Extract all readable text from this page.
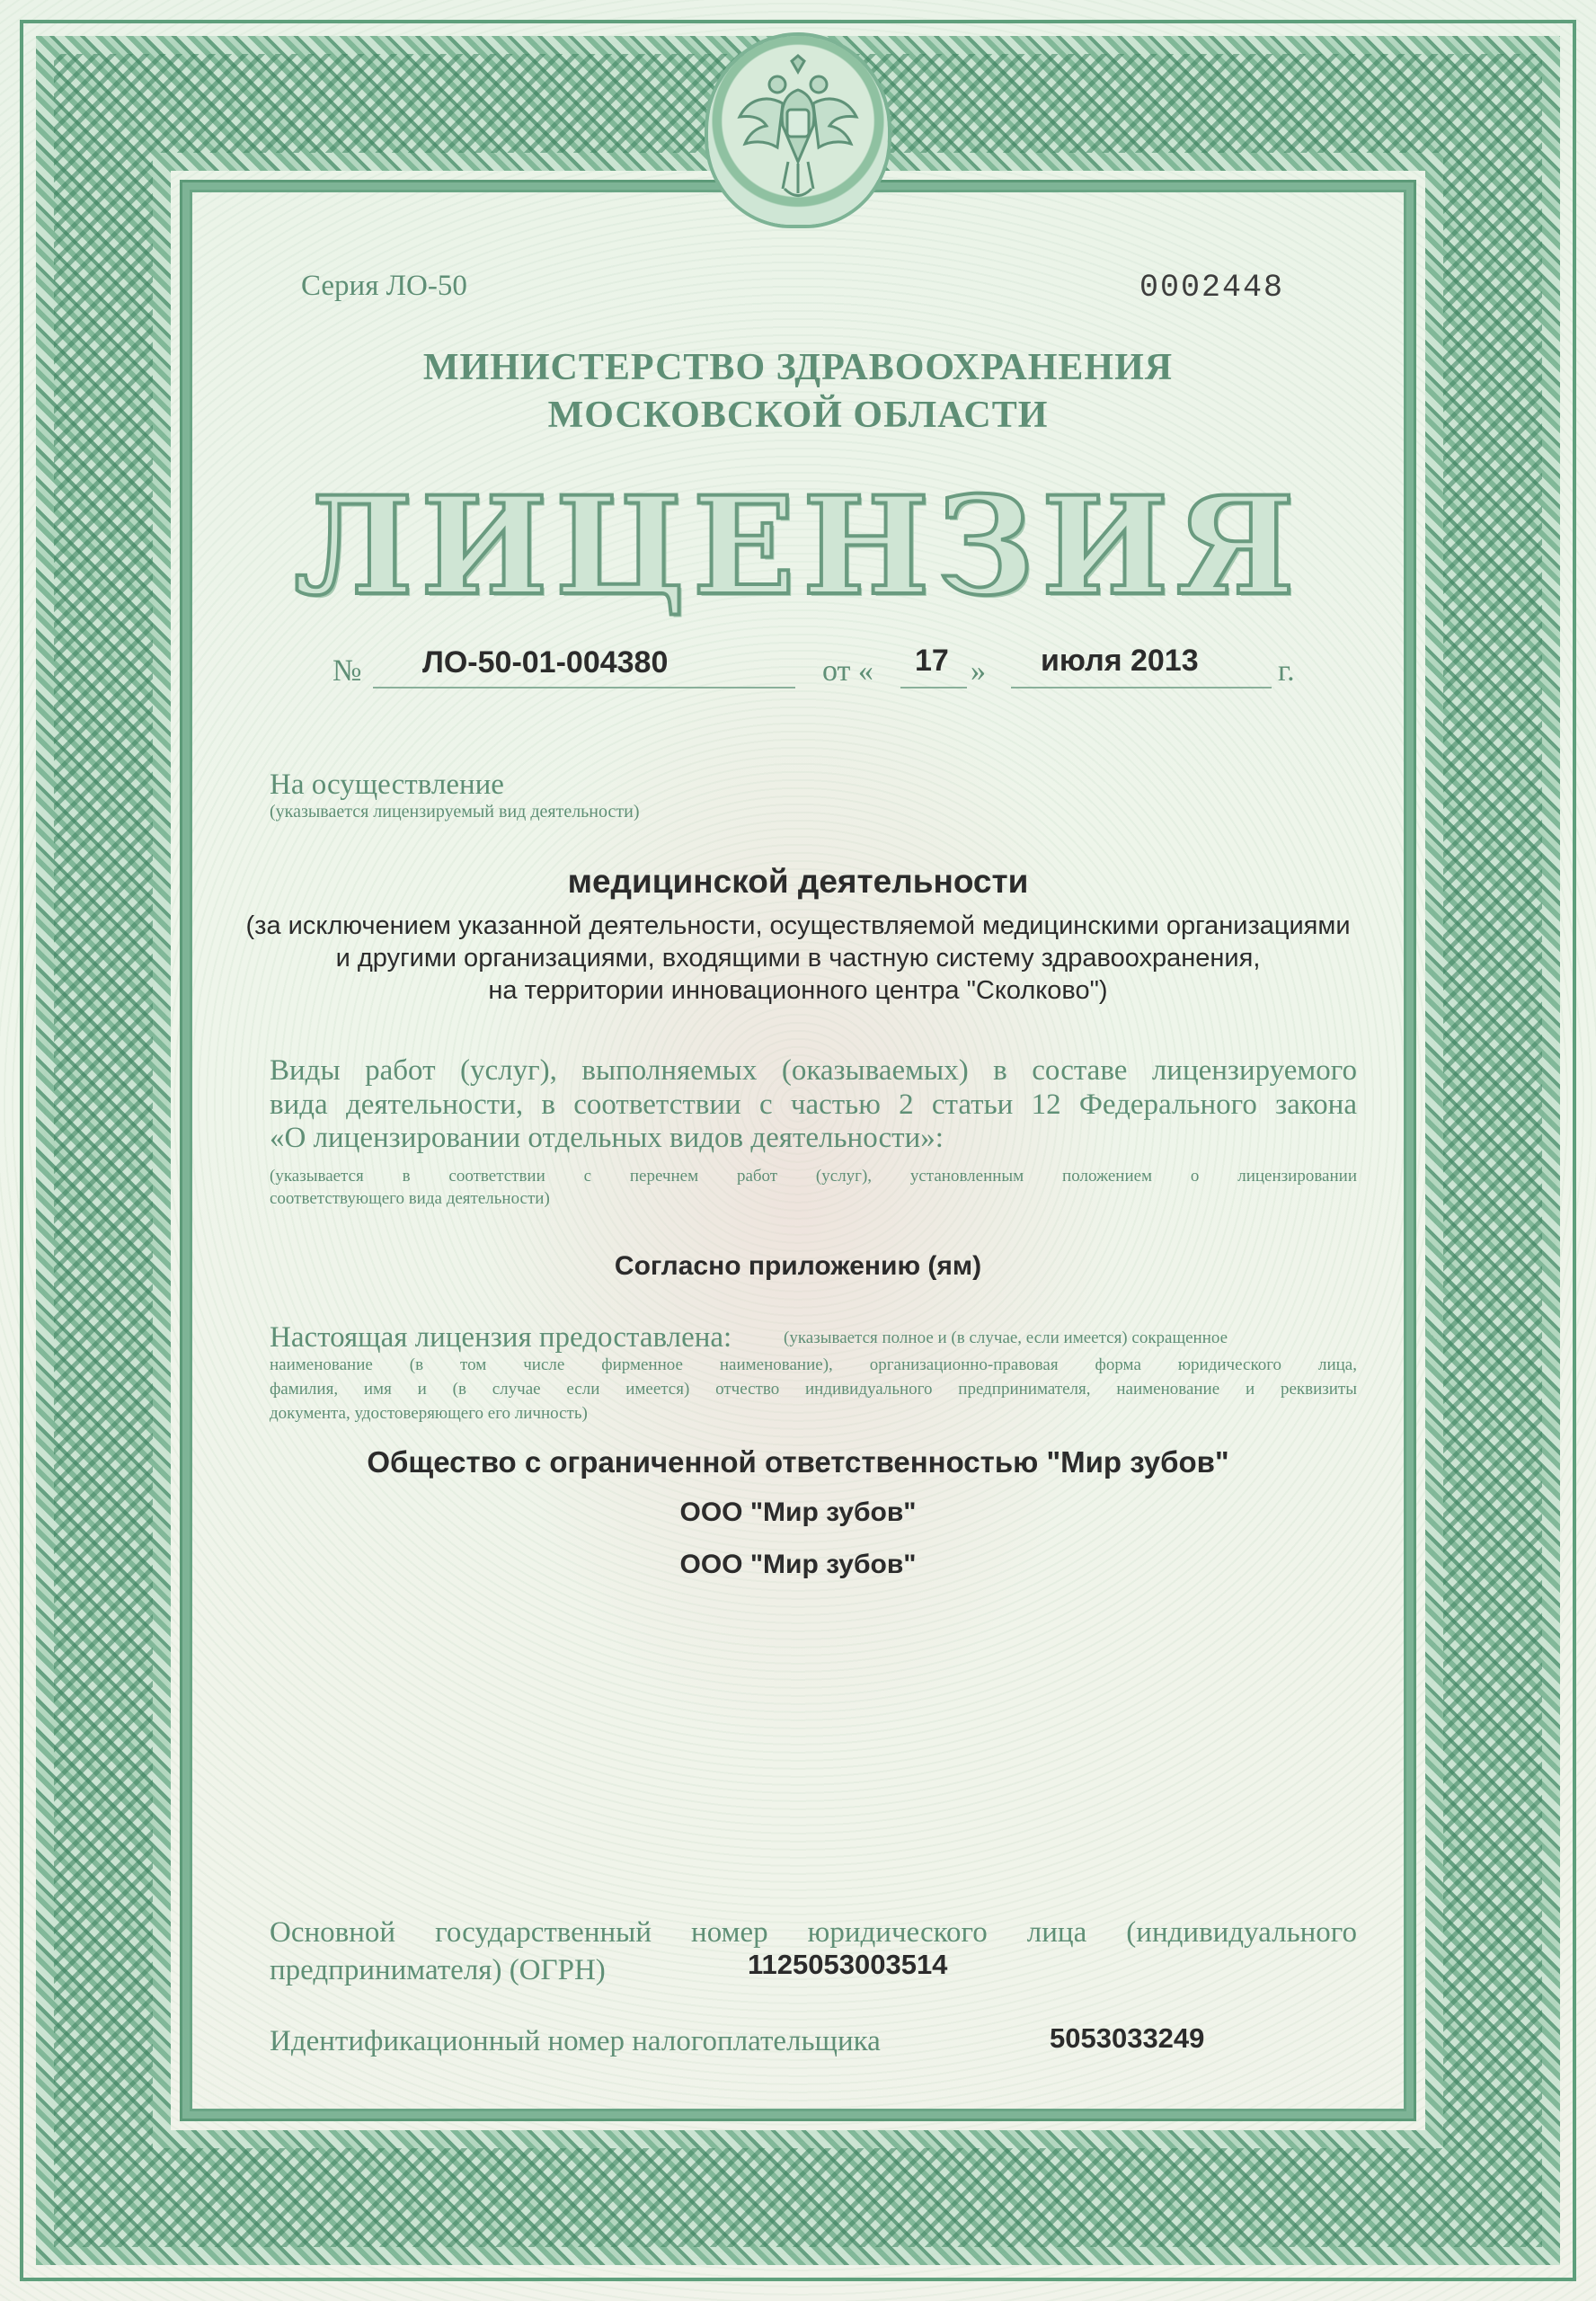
Серия ЛО-50	0002448

МИНИСТЕРСТВО ЗДРАВООХРАНЕНИЯ

МОСКОВСКОЙ ОБЛАСТИ

ЛИЦЕНЗИЯ

№ ЛО-50-01-004380	от « 17 » июля 2013	г.

На осуществление

(указывается лицензируемый вид деятельности)

медицинской деятельности

(за исключением указанной деятельности, осуществляемой медицинскими организациями

и другими организациями, входящими в частную систему здравоохранения,

на территории инновационного центра "Сколково")

Виды работ (услуг), выполняемых (оказываемых) в составе лицензируемого

вида деятельности, в соответствии с частью 2 статьи 12 Федерального закона

«О лицензировании отдельных видов деятельности»:

(указывается в соответствии с перечнем работ (услуг), установленным положением о лицензировании

соответствующего вида деятельности)

Согласно приложению (ям)

Настоящая лицензия предоставлена:	(указывается полное и (в случае, если имеется) сокращенное

наименование (в том числе фирменное наименование), организационно-правовая форма юридического лица,

фамилия, имя и (в случае если имеется) отчество индивидуального предпринимателя, наименование и реквизиты

документа, удостоверяющего его личность)

Общество с ограниченной ответственностью "Мир зубов"

ООО "Мир зубов"

ООО "Мир зубов"

Основной государственный номер юридического лица (индивидуального

предпринимателя) (ОГРН)	1125053003514

Идентификационный номер налогоплательщика	5053033249
